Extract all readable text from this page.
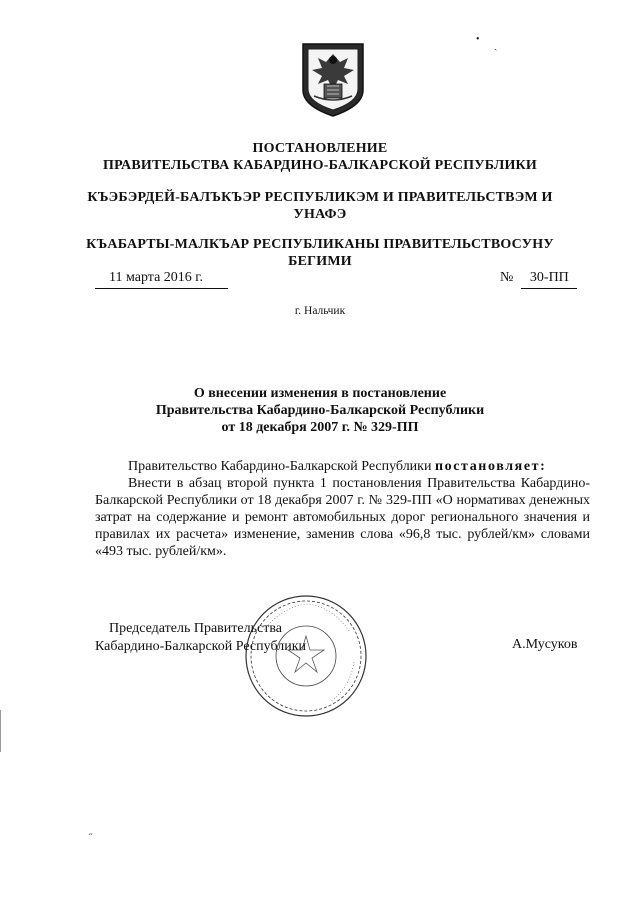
ПОСТАНОВЛЕНИЕ
ПРАВИТЕЛЬСТВА КАБАРДИНО-БАЛКАРСКОЙ РЕСПУБЛИКИ
КЪЭБЭРДЕЙ-БАЛЪКЪЭР РЕСПУБЛИКЭМ И ПРАВИТЕЛЬСТВЭМ И
УНАФЭ
КЪАБАРТЫ-МАЛКЪАР РЕСПУБЛИКАНЫ ПРАВИТЕЛЬСТВОСУНУ
БЕГИМИ
11 марта 2016 г.	№ 30-ПП
г. Нальчик
О внесении изменения в постановление
Правительства Кабардино-Балкарской Республики
от 18 декабря 2007 г. № 329-ПП
Правительство Кабардино-Балкарской Республики постановляет:

Внести в абзац второй пункта 1 постановления Правительства Кабардино-Балкарской Республики от 18 декабря 2007 г. № 329-ПП «О нормативах денежных затрат на содержание и ремонт автомобильных дорог регионального значения и правилах их расчета» изменение, заменив слова «96,8 тыс. рублей/км» словами «493 тыс. рублей/км».

Председатель Правительства
Кабардино-Балкарской Республики	А.Мусуков
•
ˎ
˶
